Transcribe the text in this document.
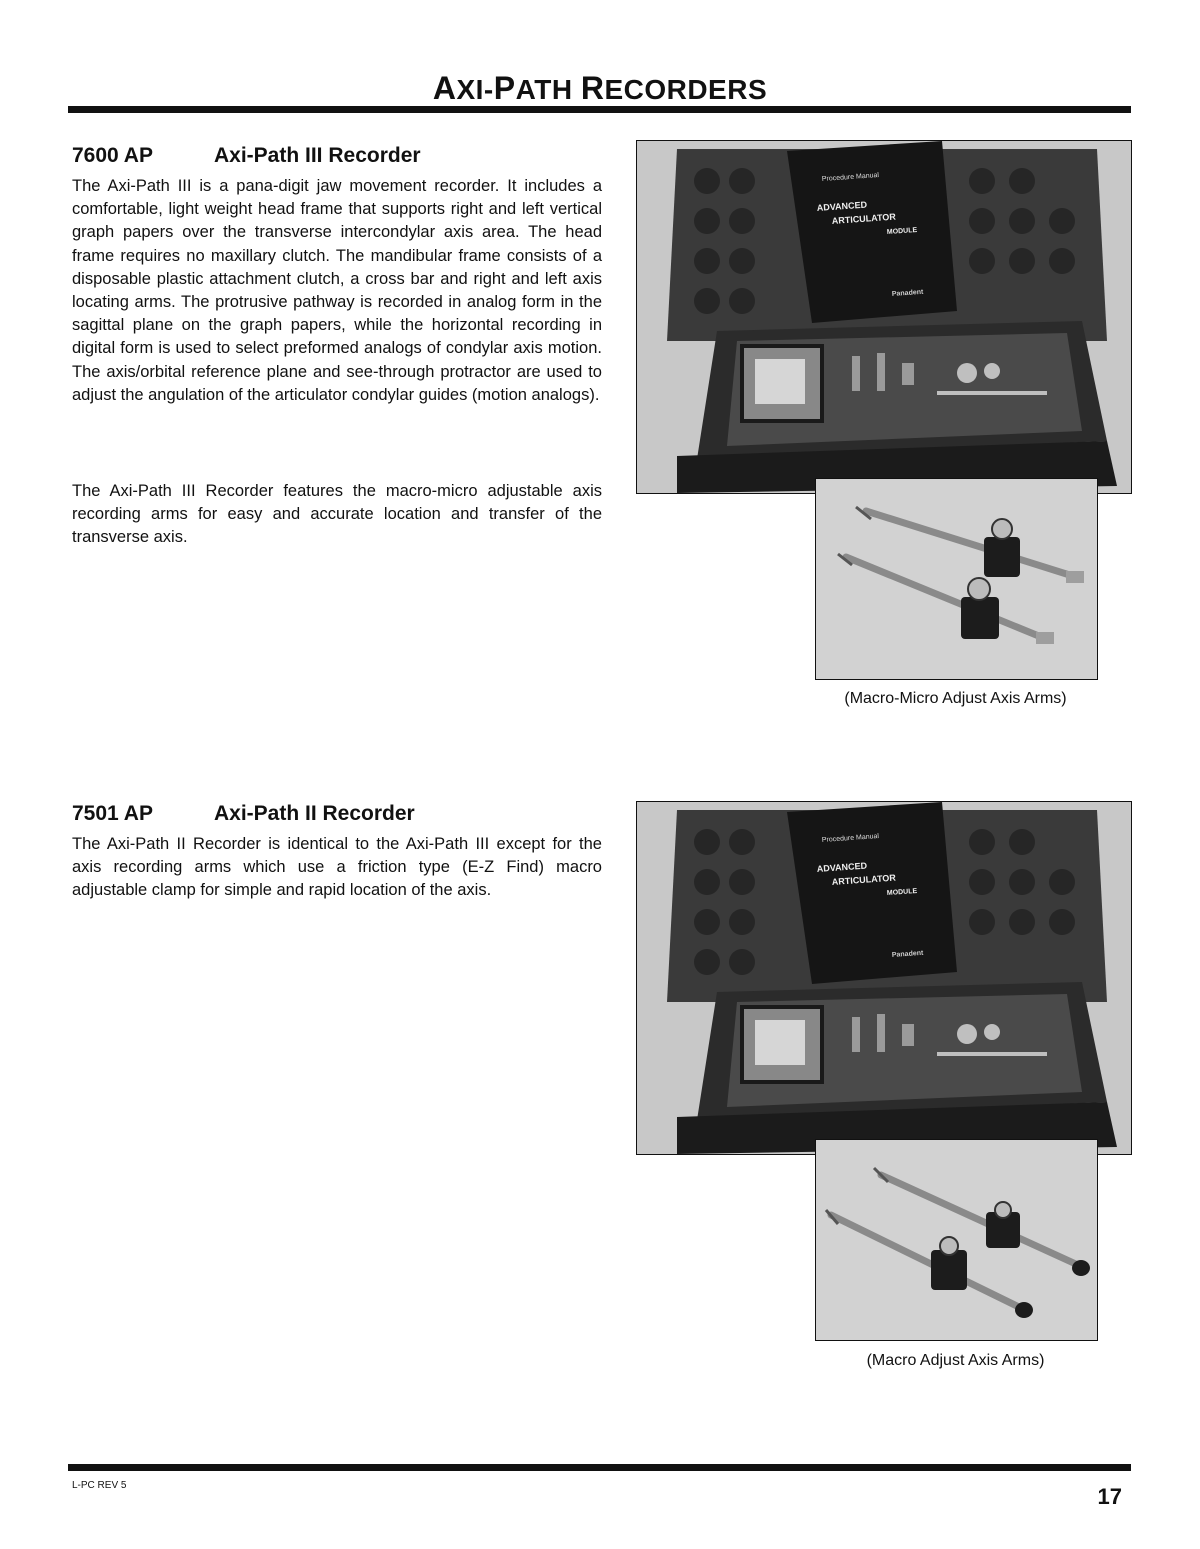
AXI-PATH RECORDERS
7600 AP	Axi-Path III Recorder

The Axi-Path III is a pana-digit jaw movement recorder. It includes a comfortable, light weight head frame that supports right and left vertical graph papers over the transverse intercondylar axis area. The head frame requires no maxillary clutch. The mandibular frame consists of a disposable plastic attachment clutch, a cross bar and right and left axis locating arms. The protrusive pathway is recorded in analog form in the sagittal plane on the graph papers, while the horizontal recording in digital form is used to select preformed analogs of condylar axis motion. The axis/orbital reference plane and see-through protractor are used to adjust the angulation of the articulator condylar guides (motion analogs).

The Axi-Path III Recorder features the macro-micro adjustable axis recording arms for easy and accurate location and transfer of the transverse axis.

Procedure Manual
ADVANCED
ARTICULATOR
MODULE
Panadent

(Macro-Micro Adjust Axis Arms)

7501 AP	Axi-Path II Recorder

The Axi-Path II Recorder is identical to the Axi-Path III except for the axis recording arms which use a friction type (E-Z Find) macro adjustable clamp for simple and rapid location of the axis.

Procedure Manual
ADVANCED
ARTICULATOR
MODULE
Panadent

(Macro Adjust Axis Arms)

L-PC REV 5	17
